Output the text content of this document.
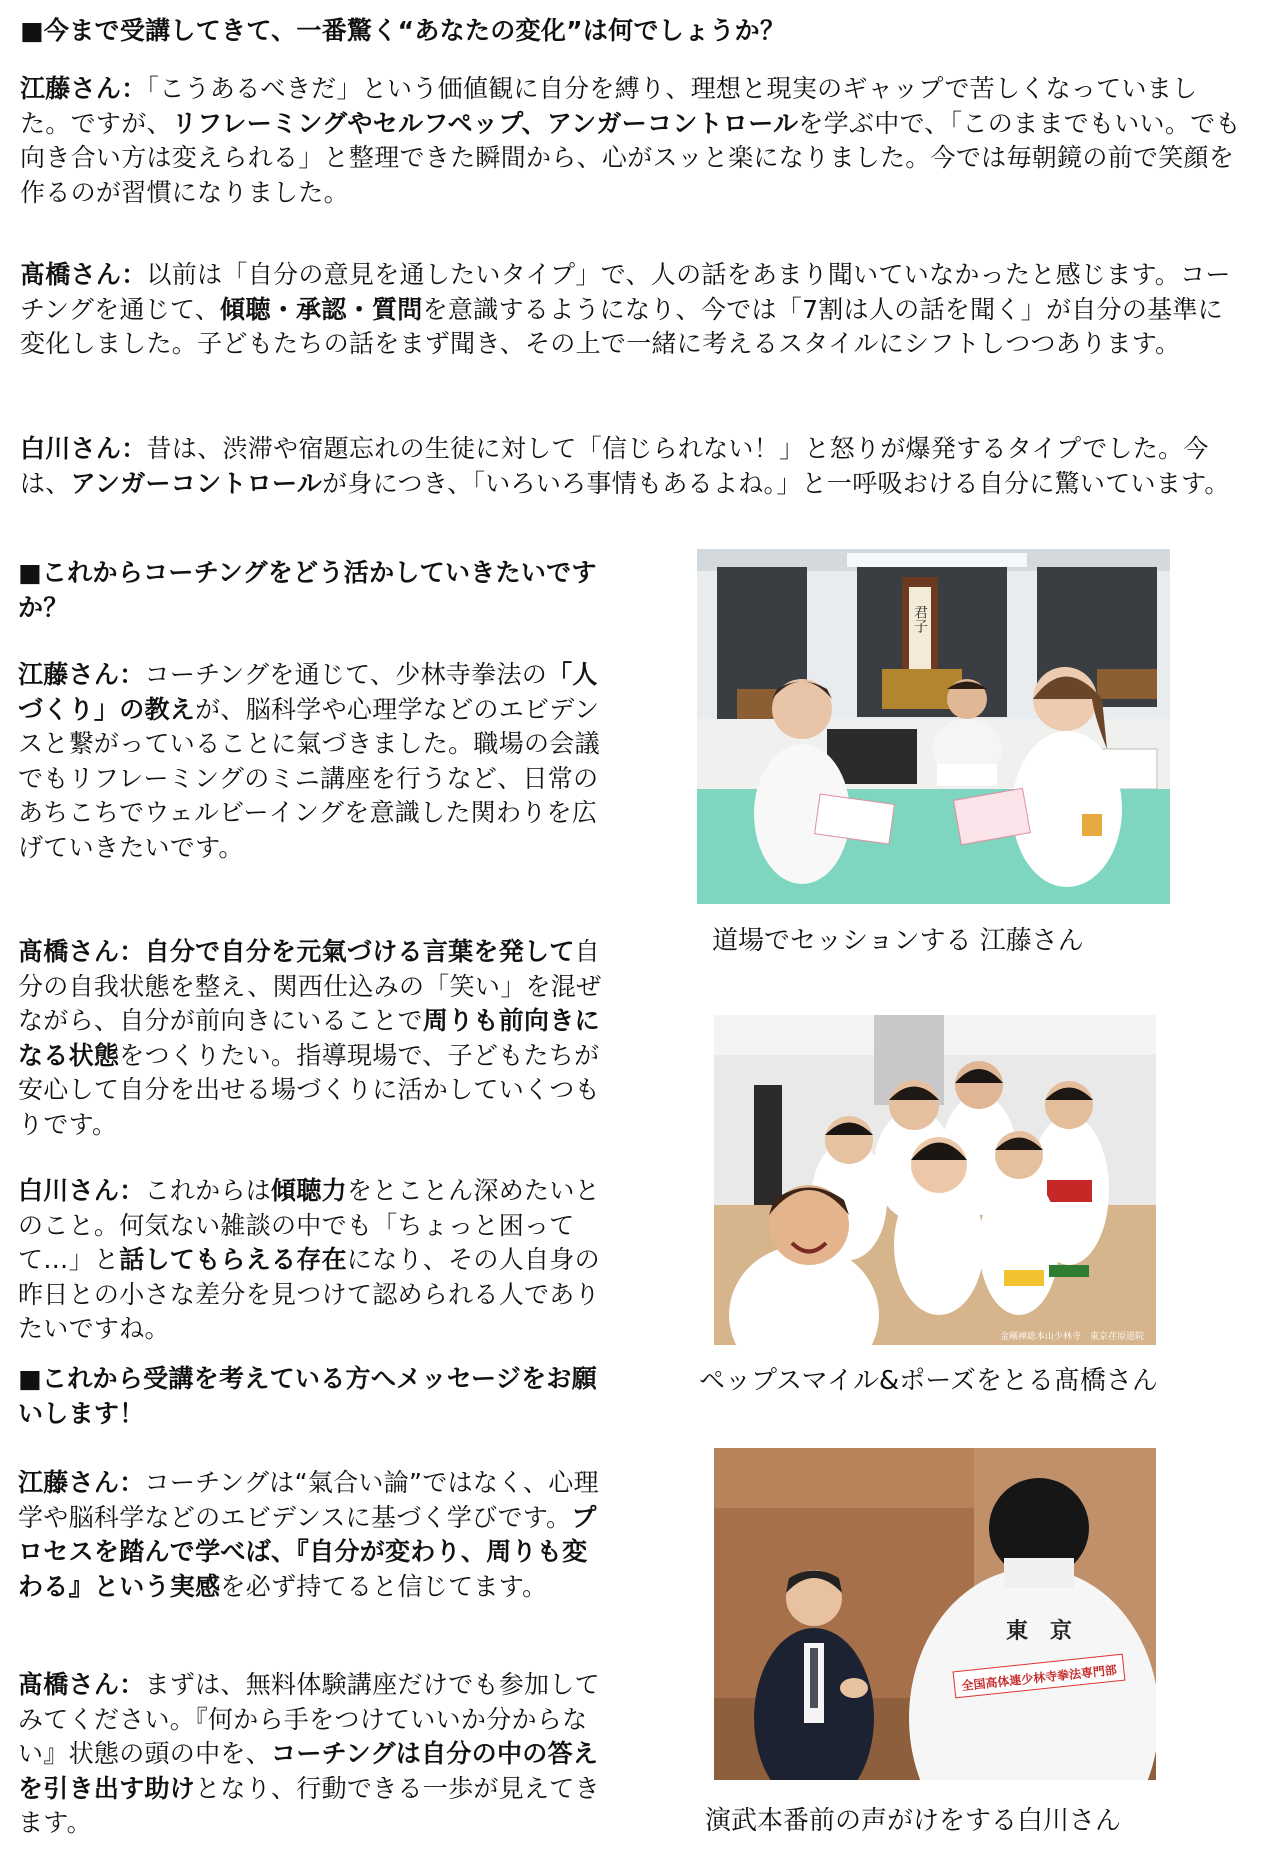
■今まで受講してきて、一番驚く“あなたの変化”は何でしょうか？
江藤さん：「こうあるべきだ」という価値観に自分を縛り、理想と現実のギャップで苦しくなっていました。ですが、リフレーミングやセルフペップ、アンガーコントロールを学ぶ中で、「このままでもいい。でも向き合い方は変えられる」と整理できた瞬間から、心がスッと楽になりました。今では毎朝鏡の前で笑顔を作るのが習慣になりました。
髙橋さん：以前は「自分の意見を通したいタイプ」で、人の話をあまり聞いていなかったと感じます。コーチングを通じて、傾聴・承認・質問を意識するようになり、今では「7割は人の話を聞く」が自分の基準に変化しました。子どもたちの話をまず聞き、その上で一緒に考えるスタイルにシフトしつつあります。
白川さん：昔は、渋滞や宿題忘れの生徒に対して「信じられない！」と怒りが爆発するタイプでした。今は、アンガーコントロールが身につき、「いろいろ事情もあるよね。」と一呼吸おける自分に驚いています。
■これからコーチングをどう活かしていきたいですか？
江藤さん：コーチングを通じて、少林寺拳法の「人づくり」の教えが、脳科学や心理学などのエビデンスと繋がっていることに氣づきました。職場の会議でもリフレーミングのミニ講座を行うなど、日常のあちこちでウェルビーイングを意識した関わりを広げていきたいです。
髙橋さん：自分で自分を元氣づける言葉を発して自分の自我状態を整え、関西仕込みの「笑い」を混ぜながら、自分が前向きにいることで周りも前向きになる状態をつくりたい。指導現場で、子どもたちが安心して自分を出せる場づくりに活かしていくつもりです。
白川さん：これからは傾聴力をとことん深めたいとのこと。何気ない雑談の中でも「ちょっと困ってて…」と話してもらえる存在になり、その人自身の昨日との小さな差分を見つけて認められる人でありたいですね。
■これから受講を考えている方へメッセージをお願いします！
江藤さん：コーチングは“氣合い論”ではなく、心理学や脳科学などのエビデンスに基づく学びです。プロセスを踏んで学べば、『自分が変わり、周りも変わる』という実感を必ず持てると信じてます。
髙橋さん：まずは、無料体験講座だけでも参加してみてください。『何から手をつけていいか分からない』状態の頭の中を、コーチングは自分の中の答えを引き出す助けとなり、行動できる一歩が見えてきます。
君子
道場でセッションする 江藤さん
金剛禅総本山少林寺　東京荏原道院
ペップスマイル&ポーズをとる髙橋さん
東　京
全国高体連少林寺拳法専門部
演武本番前の声がけをする白川さん
